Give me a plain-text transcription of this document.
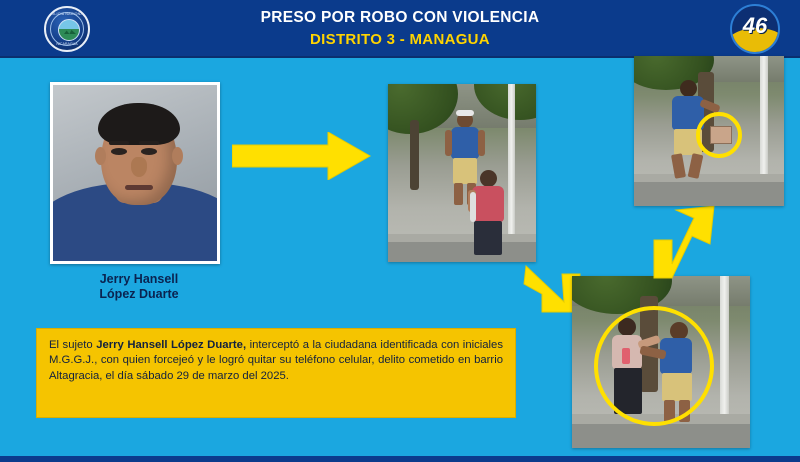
POLICIA NACIONAL
NICARAGUA
PRESO POR ROBO CON VIOLENCIA
DISTRITO 3 - MANAGUA
46
Jerry Hansell
López Duarte
El sujeto Jerry Hansell López Duarte, interceptó a la ciudadana identificada con iniciales M.G.G.J., con quien forcejeó y le logró quitar su teléfono celular, delito cometido en barrio Altagracia, el día sábado 29 de marzo del 2025.
